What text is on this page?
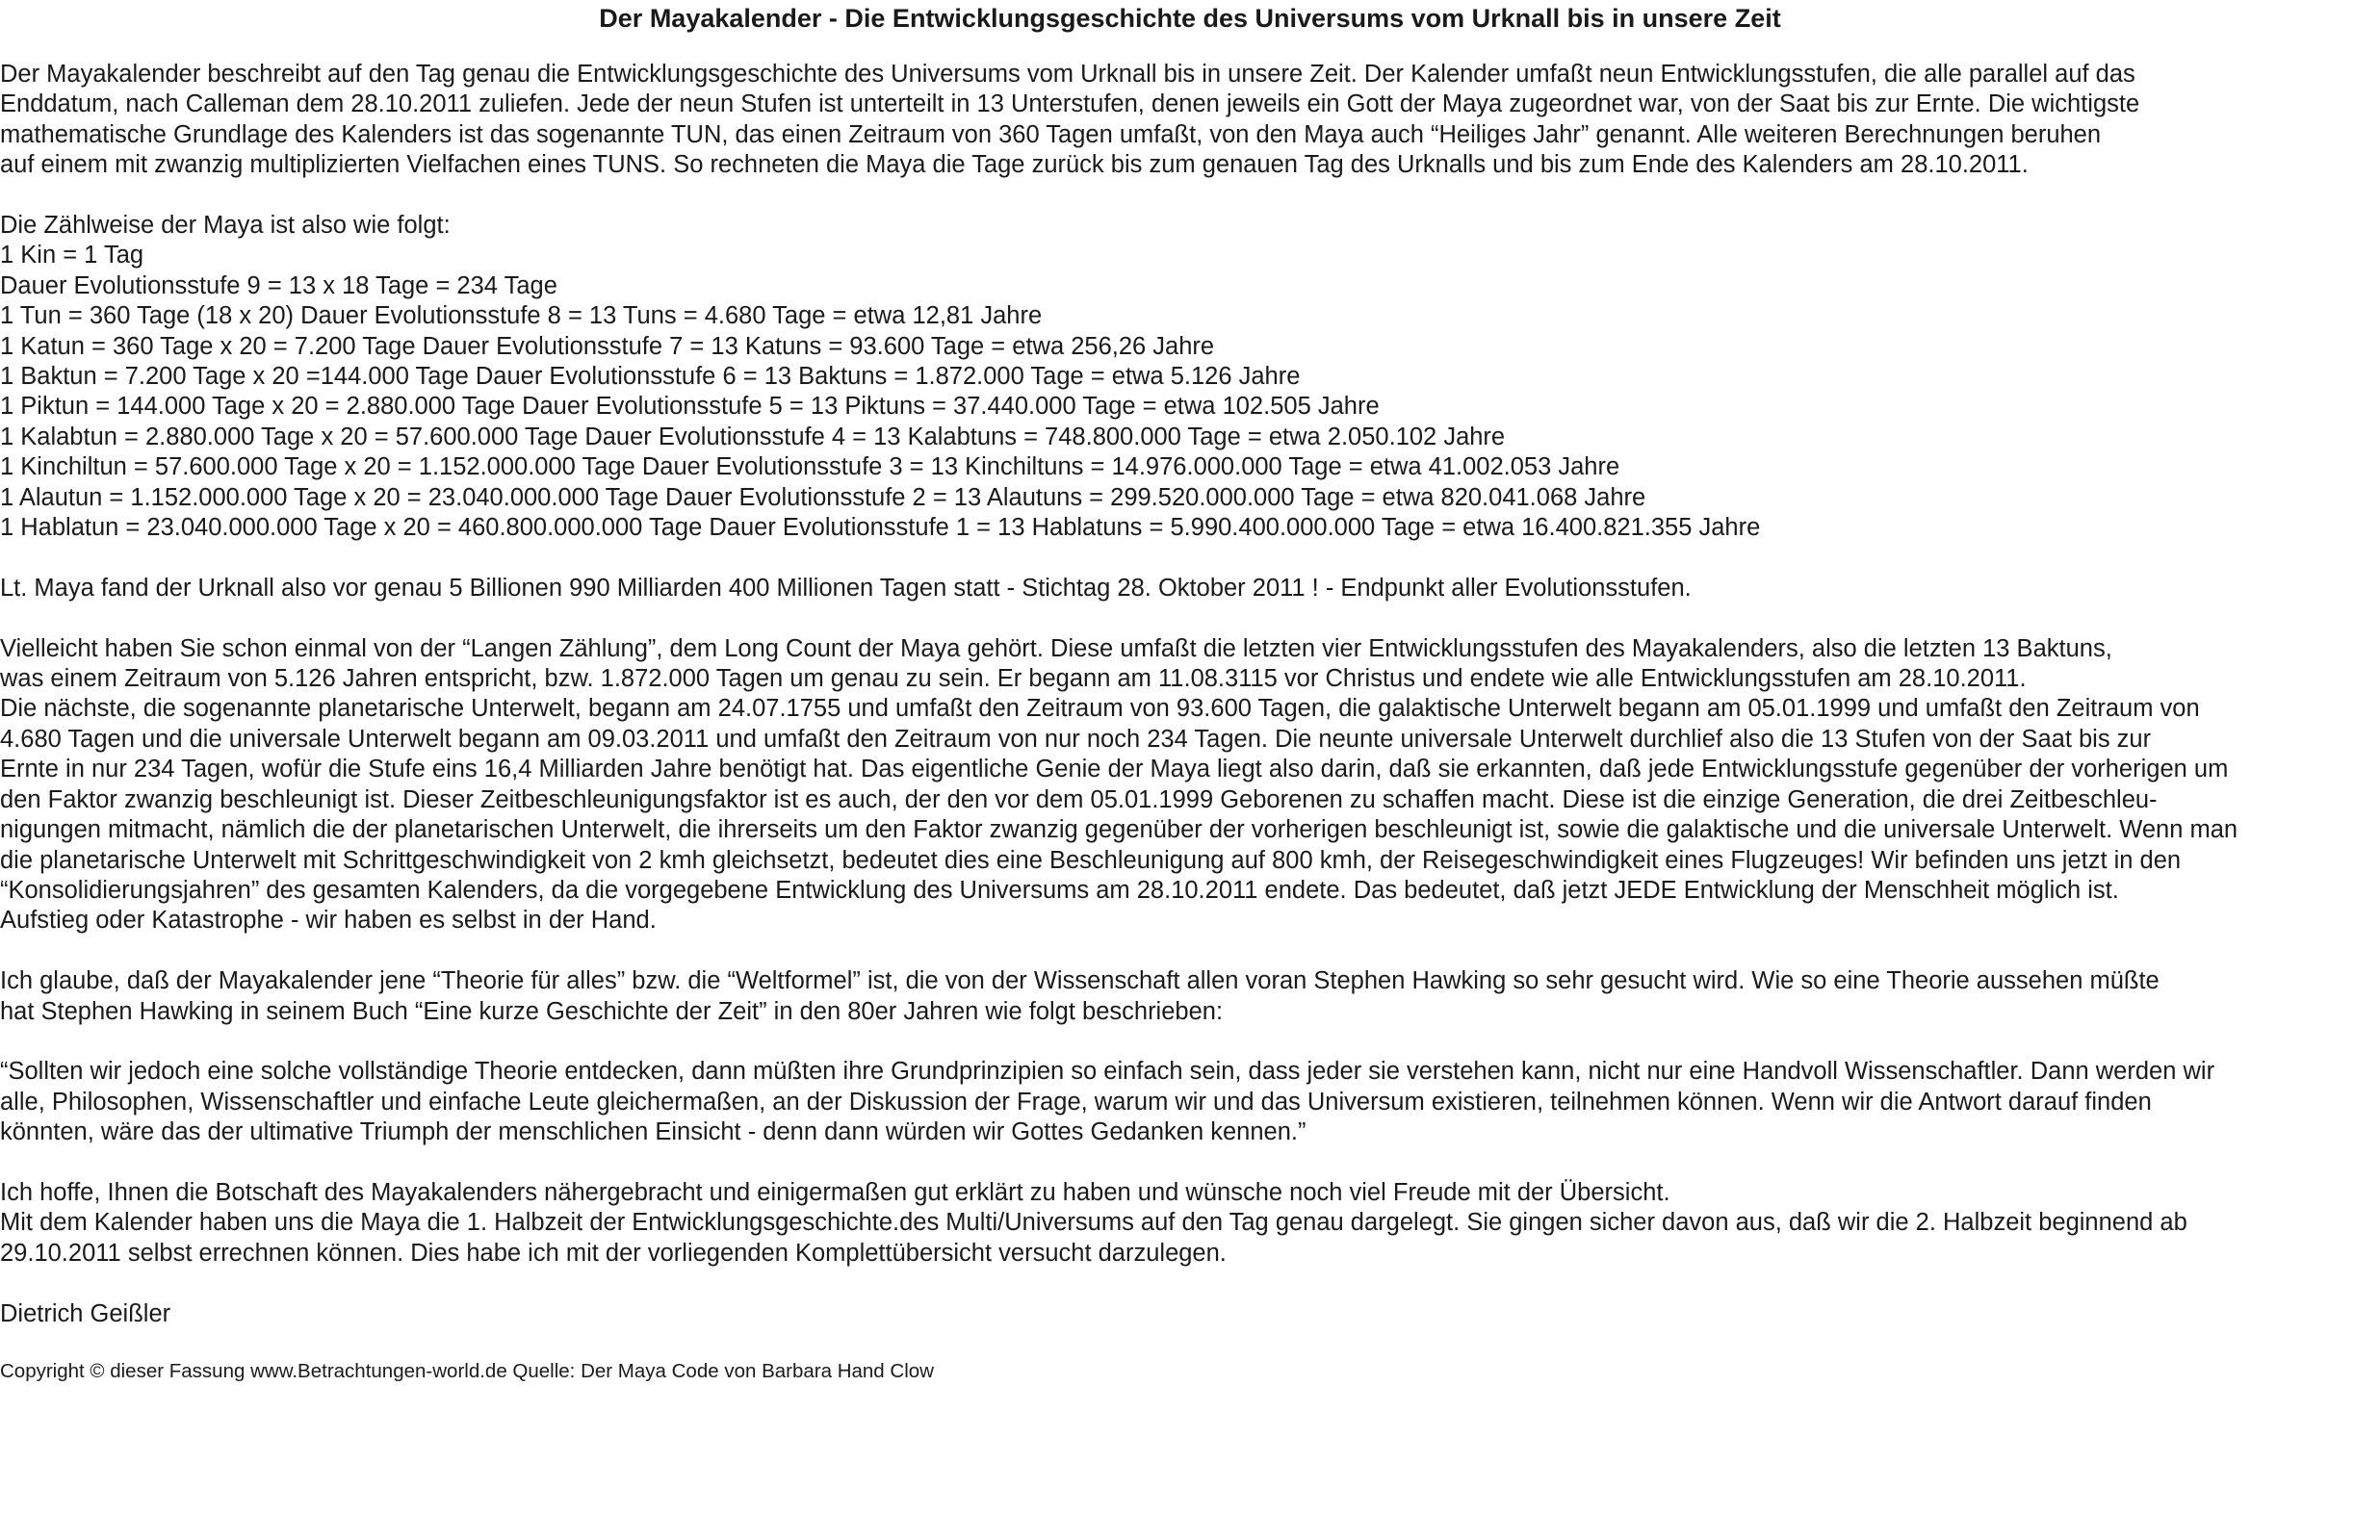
Der Mayakalender - Die Entwicklungsgeschichte des Universums vom Urknall bis in unsere Zeit

Der Mayakalender beschreibt auf den Tag genau die Entwicklungsgeschichte des Universums vom Urknall bis in unsere Zeit. Der Kalender umfaßt neun Entwicklungsstufen, die alle parallel auf das
Enddatum, nach Calleman dem 28.10.2011 zuliefen. Jede der neun Stufen ist unterteilt in 13 Unterstufen, denen jeweils ein Gott der Maya zugeordnet war, von der Saat bis zur Ernte. Die wichtigste
mathematische Grundlage des Kalenders ist das sogenannte TUN, das einen Zeitraum von 360 Tagen umfaßt, von den Maya auch “Heiliges Jahr” genannt. Alle weiteren Berechnungen beruhen
auf einem mit zwanzig multiplizierten Vielfachen eines TUNS. So rechneten die Maya die Tage zurück bis zum genauen Tag des Urknalls und bis zum Ende des Kalenders am 28.10.2011.

Die Zählweise der Maya ist also wie folgt:
1 Kin = 1 Tag
Dauer Evolutionsstufe 9 = 13 x 18 Tage = 234 Tage
1 Tun = 360 Tage (18 x 20) Dauer Evolutionsstufe 8 = 13 Tuns = 4.680 Tage = etwa 12,81 Jahre
1 Katun = 360 Tage x 20 = 7.200 Tage Dauer Evolutionsstufe 7 = 13 Katuns = 93.600 Tage = etwa 256,26 Jahre
1 Baktun = 7.200 Tage x 20 =144.000 Tage Dauer Evolutionsstufe 6 = 13 Baktuns = 1.872.000 Tage = etwa 5.126 Jahre
1 Piktun = 144.000 Tage x 20 = 2.880.000 Tage Dauer Evolutionsstufe 5 = 13 Piktuns = 37.440.000 Tage = etwa 102.505 Jahre
1 Kalabtun = 2.880.000 Tage x 20 = 57.600.000 Tage Dauer Evolutionsstufe 4 = 13 Kalabtuns = 748.800.000 Tage = etwa 2.050.102 Jahre
1 Kinchiltun = 57.600.000 Tage x 20 = 1.152.000.000 Tage Dauer Evolutionsstufe 3 = 13 Kinchiltuns = 14.976.000.000 Tage = etwa 41.002.053 Jahre
1 Alautun = 1.152.000.000 Tage x 20 = 23.040.000.000 Tage Dauer Evolutionsstufe 2 = 13 Alautuns = 299.520.000.000 Tage = etwa 820.041.068 Jahre
1 Hablatun = 23.040.000.000 Tage x 20 = 460.800.000.000 Tage Dauer Evolutionsstufe 1 = 13 Hablatuns = 5.990.400.000.000 Tage = etwa 16.400.821.355 Jahre

Lt. Maya fand der Urknall also vor genau 5 Billionen 990 Milliarden 400 Millionen Tagen statt - Stichtag 28. Oktober 2011 ! - Endpunkt aller Evolutionsstufen.

Vielleicht haben Sie schon einmal von der “Langen Zählung”, dem Long Count der Maya gehört. Diese umfaßt die letzten vier Entwicklungsstufen des Mayakalenders, also die letzten 13 Baktuns,
was einem Zeitraum von 5.126 Jahren entspricht, bzw. 1.872.000 Tagen um genau zu sein. Er begann am 11.08.3115 vor Christus und endete wie alle Entwicklungsstufen am 28.10.2011.
Die nächste, die sogenannte planetarische Unterwelt, begann am 24.07.1755 und umfaßt den Zeitraum von 93.600 Tagen, die galaktische Unterwelt begann am 05.01.1999 und umfaßt den Zeitraum von
4.680 Tagen und die universale Unterwelt begann am 09.03.2011 und umfaßt den Zeitraum von nur noch 234 Tagen. Die neunte universale Unterwelt durchlief also die 13 Stufen von der Saat bis zur
Ernte in nur 234 Tagen, wofür die Stufe eins 16,4 Milliarden Jahre benötigt hat. Das eigentliche Genie der Maya liegt also darin, daß sie erkannten, daß jede Entwicklungsstufe gegenüber der vorherigen um
den Faktor zwanzig beschleunigt ist. Dieser Zeitbeschleunigungsfaktor ist es auch, der den vor dem 05.01.1999 Geborenen zu schaffen macht. Diese ist die einzige Generation, die drei Zeitbeschleu-
nigungen mitmacht, nämlich die der planetarischen Unterwelt, die ihrerseits um den Faktor zwanzig gegenüber der vorherigen beschleunigt ist, sowie die galaktische und die universale Unterwelt. Wenn man
die planetarische Unterwelt mit Schrittgeschwindigkeit von 2 kmh gleichsetzt, bedeutet dies eine Beschleunigung auf 800 kmh, der Reisegeschwindigkeit eines Flugzeuges! Wir befinden uns jetzt in den
“Konsolidierungsjahren” des gesamten Kalenders, da die vorgegebene Entwicklung des Universums am 28.10.2011 endete. Das bedeutet, daß jetzt JEDE Entwicklung der Menschheit möglich ist.
Aufstieg oder Katastrophe - wir haben es selbst in der Hand.

Ich glaube, daß der Mayakalender jene “Theorie für alles” bzw. die “Weltformel” ist, die von der Wissenschaft allen voran Stephen Hawking so sehr gesucht wird. Wie so eine Theorie aussehen müßte
hat Stephen Hawking in seinem Buch “Eine kurze Geschichte der Zeit” in den 80er Jahren wie folgt beschrieben:

“Sollten wir jedoch eine solche vollständige Theorie entdecken, dann müßten ihre Grundprinzipien so einfach sein, dass jeder sie verstehen kann, nicht nur eine Handvoll Wissenschaftler. Dann werden wir
alle, Philosophen, Wissenschaftler und einfache Leute gleichermaßen, an der Diskussion der Frage, warum wir und das Universum existieren, teilnehmen können. Wenn wir die Antwort darauf finden
könnten, wäre das der ultimative Triumph der menschlichen Einsicht - denn dann würden wir Gottes Gedanken kennen.”

Ich hoffe, Ihnen die Botschaft des Mayakalenders nähergebracht und einigermaßen gut erklärt zu haben und wünsche noch viel Freude mit der Übersicht.
Mit dem Kalender haben uns die Maya die 1. Halbzeit der Entwicklungsgeschichte.des Multi/Universums auf den Tag genau dargelegt. Sie gingen sicher davon aus, daß wir die 2. Halbzeit beginnend ab
29.10.2011 selbst errechnen können. Dies habe ich mit der vorliegenden Komplettübersicht versucht darzulegen.

Dietrich Geißler

Copyright © dieser Fassung www.Betrachtungen-world.de Quelle: Der Maya Code von Barbara Hand Clow
